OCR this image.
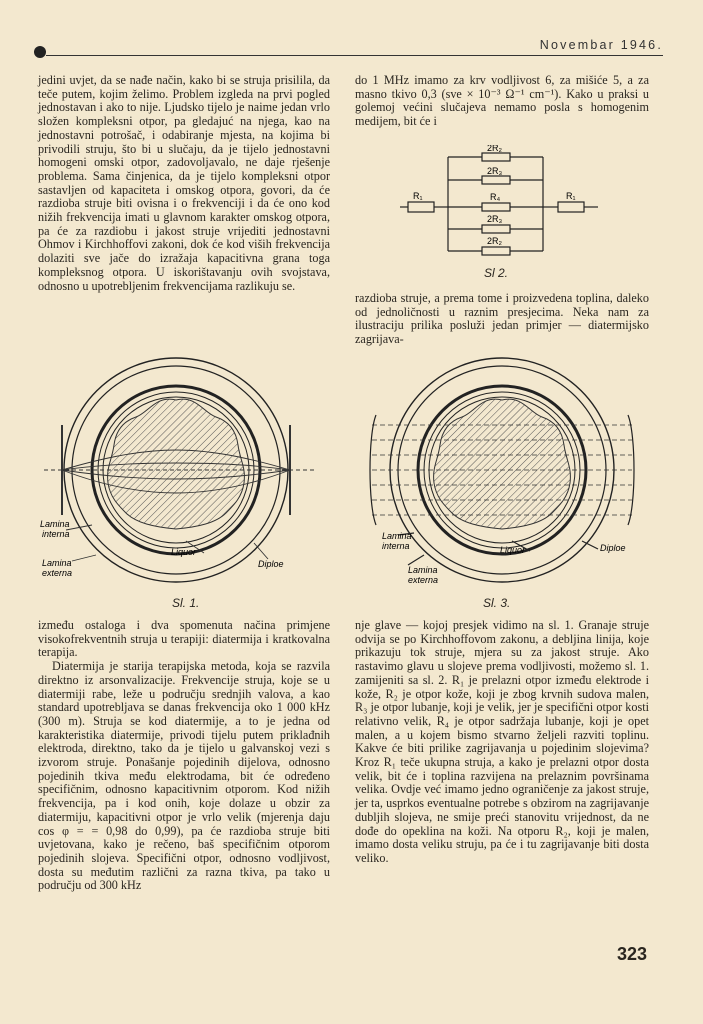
Novembar 1946.

jedini uvjet, da se nađe način, kako bi se struja prisilila, da teče putem, kojim želimo. Problem izgleda na prvi pogled jednostavan i ako to nije. Ljudsko tijelo je naime jedan vrlo složen kompleksni otpor, pa gledajuć na njega, kao na jednostavni potrošač, i odabiranje mjesta, na kojima bi privodili struju, što bi u slučaju, da je tijelo jednostavni homogeni omski otpor, zadovoljavalo, ne daje rješenje problema. Sama činjenica, da je tijelo kompleksni otpor sastavljen od kapaciteta i omskog otpora, govori, da će razdioba struje biti ovisna i o frekvenciji i da će ono kod nižih frekvencija imati u glavnom karakter omskog otpora, pa će za razdiobu i jakost struje vrijediti jednostavni Ohmov i Kirchhoffovi zakoni, dok će kod viših frekvencija dolaziti sve jače do izražaja kapacitivna grana toga kompleksnog otpora. U iskorištavanju ovih svojstava, odnosno u upotrebljenim frekvencijama razlikuju se.

do 1 MHz imamo za krv vodljivost 6, za mišiće 5, a za masno tkivo 0,3 (sve × 10⁻³ Ω⁻¹ cm⁻¹). Kako u praksi u golemoj većini slučajeva nemamo posla s homogenim medijem, bit će i

R₁	R₁
2R₂
2R₃
R₄
2R₃
2R₂
Sl 2.

razdioba struje, a prema tome i proizvedena toplina, daleko od jednoličnosti u raznim presjecima. Neka nam za ilustraciju prilika posluži jedan primjer — diatermijsko zagrijava-

Lamina
interna
Lamina
externa
Liquor
Diploe
Sl. 1.
Lamina
interna
Lamina
externa
Liquor	Diploe
Sl. 3.

između ostaloga i dva spomenuta načina primjene visokofrekventnih struja u terapiji: diatermija i kratkovalna terapija.

Diatermija je starija terapijska metoda, koja se razvila direktno iz arsonvalizacije. Frekvencije struja, koje se u diatermiji rabe, leže u području srednjih valova, a kao standard upotrebljava se danas frekvencija oko 1 000 kHz (300 m). Struja se kod diatermije, a to je jedna od karakteristika diatermije, privodi tijelu putem priklađnih elektroda, direktno, tako da je tijelo u galvanskoj vezi s izvorom struje. Ponašanje pojedinih dijelova, odnosno pojedinih tkiva među elektrodama, bit će određeno specifičnim, odnosno kapacitivnim otporom. Kod nižih frekvencija, pa i kod onih, koje dolaze u obzir za diatermiju, kapacitivni otpor je vrlo velik (mjerenja daju cos φ = = 0,98 do 0,99), pa će razdioba struje biti uvjetovana, kako je rečeno, baš specifičnim otporom pojedinih slojeva. Specifični otpor, odnosno vodljivost, dosta su međutim različni za razna tkiva, pa tako u području od 300 kHz

nje glave — kojoj presjek vidimo na sl. 1. Granaje struje odvija se po Kirchhoffovom zakonu, a debljina linija, koje prikazuju tok struje, mjera su za jakost struje. Ako rastavimo glavu u slojeve prema vodljivosti, možemo sl. 1. zamijeniti sa sl. 2. R₁ je prelazni otpor između elektrode i kože, R₂ je otpor kože, koji je zbog krvnih sudova malen, R₃ je otpor lubanje, koji je velik, jer je specifični otpor kosti relativno velik, R₄ je otpor sadržaja lubanje, koji je opet malen, a u kojem bismo stvarno željeli razviti toplinu. Kakve će biti prilike zagrijavanja u pojedinim slojevima? Kroz R₁ teče ukupna struja, a kako je prelazni otpor dosta velik, bit će i toplina razvijena na prelaznim površinama velika. Ovdje već imamo jedno ograničenje za jakost struje, jer ta, usprkos eventualne potrebe s obzirom na zagrijavanje dubljih slojeva, ne smije preći stanovitu vrijednost, da ne dođe do opeklina na koži. Na otporu R₂, koji je malen, imamo dosta veliku struju, pa će i tu zagrijavanje biti dosta veliko.

323
